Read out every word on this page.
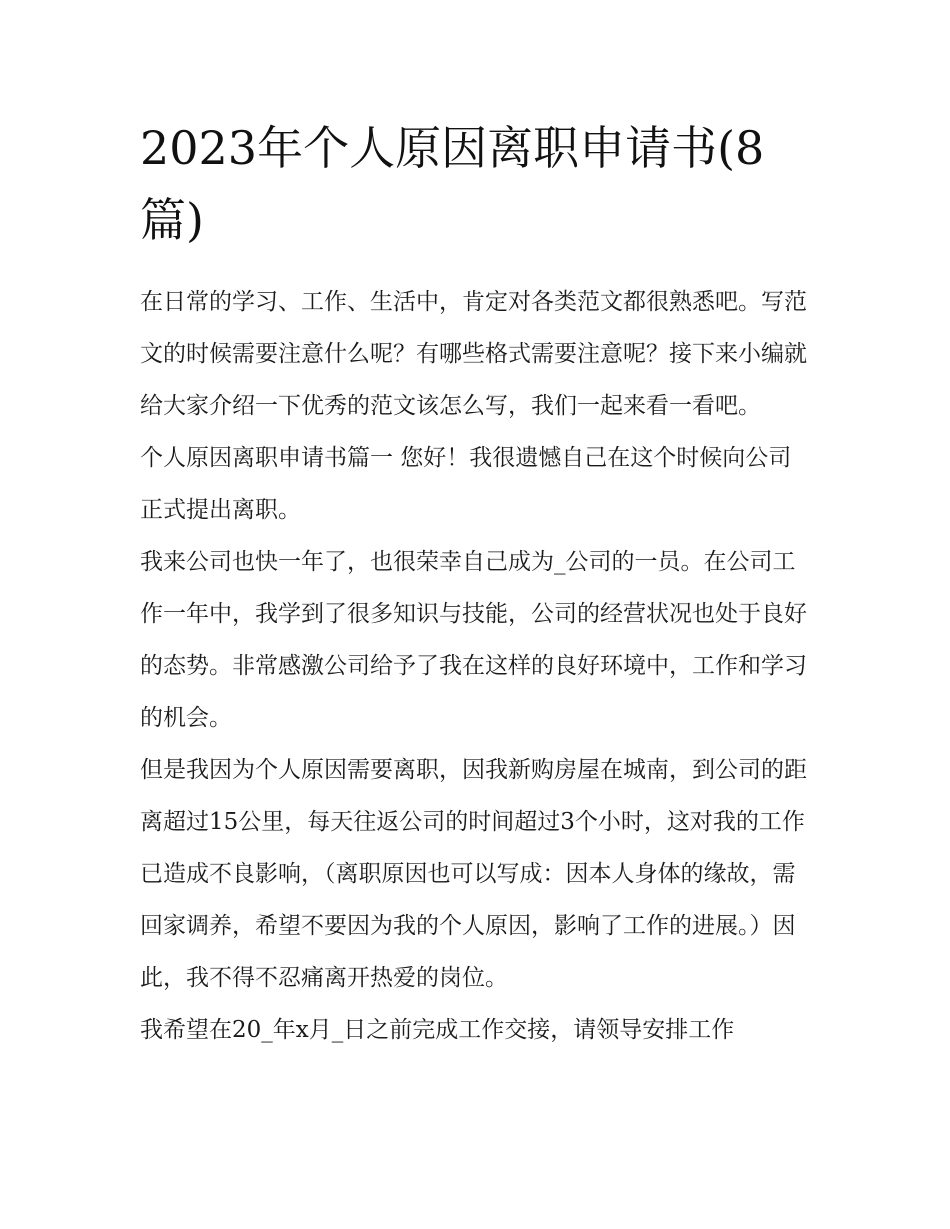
2023年个人原因离职申请书(8篇)

在日常的学习、工作、生活中，肯定对各类范文都很熟悉吧。写范文的时候需要注意什么呢？有哪些格式需要注意呢？接下来小编就给大家介绍一下优秀的范文该怎么写，我们一起来看一看吧。

个人原因离职申请书篇一 您好！我很遗憾自己在这个时候向公司正式提出离职。

我来公司也快一年了，也很荣幸自己成为_公司的一员。在公司工作一年中，我学到了很多知识与技能，公司的经营状况也处于良好的态势。非常感激公司给予了我在这样的良好环境中，工作和学习的机会。

但是我因为个人原因需要离职，因我新购房屋在城南，到公司的距离超过15公里，每天往返公司的时间超过3个小时，这对我的工作已造成不良影响，（离职原因也可以写成：因本人身体的缘故，需回家调养，希望不要因为我的个人原因，影响了工作的进展。）因此，我不得不忍痛离开热爱的岗位。

我希望在20_年x月_日之前完成工作交接，请领导安排工作
